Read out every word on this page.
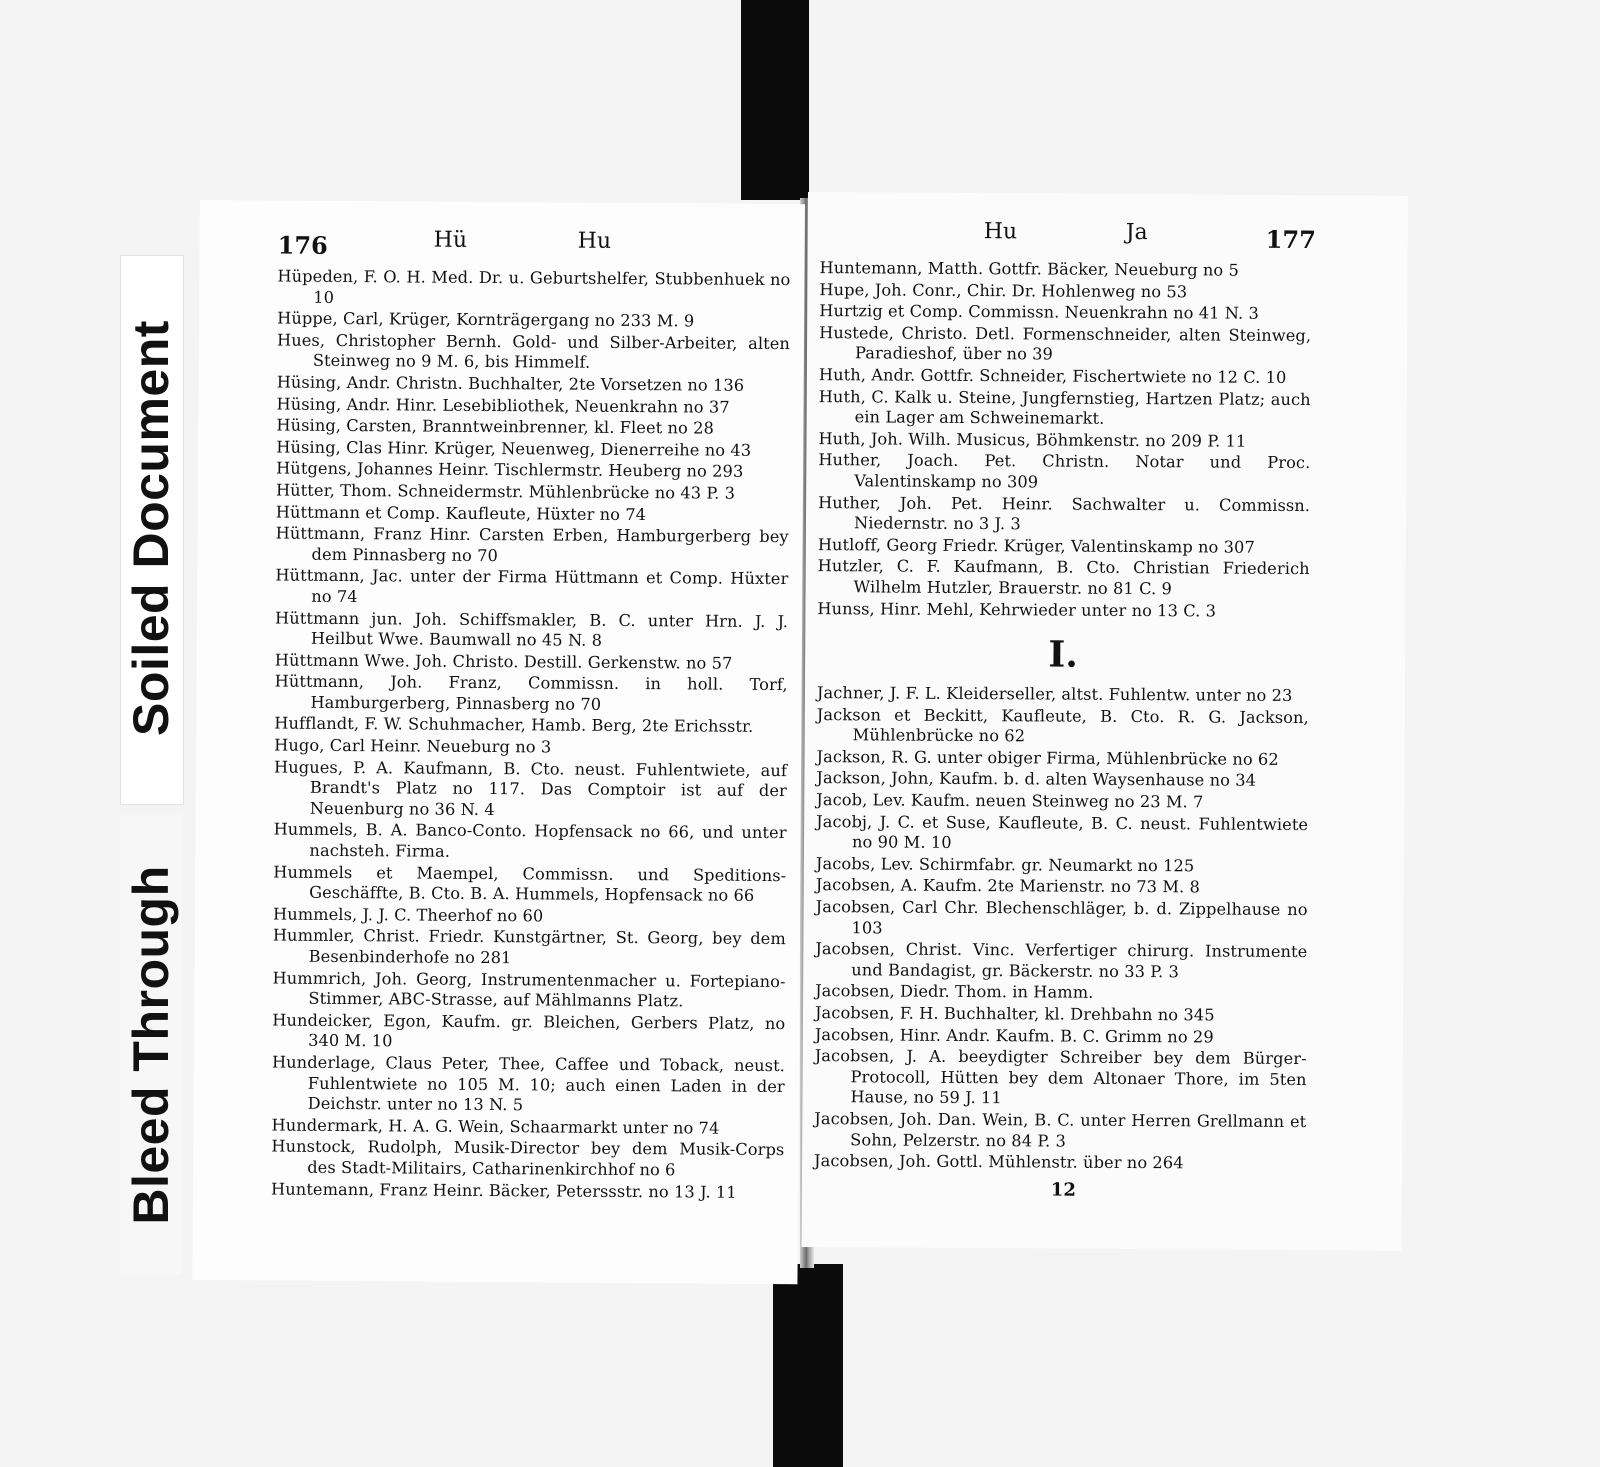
Soiled Document
Bleed Through
176	Hü	Hu
Hüpeden, F. O. H. Med. Dr. u. Geburtshelfer, Stubbenhuek no 10
Hüppe, Carl, Krüger, Kornträgergang no 233 M. 9
Hues, Christopher Bernh. Gold- und Silber-Arbeiter, alten Steinweg no 9 M. 6, bis Himmelf.
Hüsing, Andr. Christn. Buchhalter, 2te Vorsetzen no 136
Hüsing, Andr. Hinr. Lesebibliothek, Neuenkrahn no 37
Hüsing, Carsten, Branntweinbrenner, kl. Fleet no 28
Hüsing, Clas Hinr. Krüger, Neuenweg, Dienerreihe no 43
Hütgens, Johannes Heinr. Tischlermstr. Heuberg no 293
Hütter, Thom. Schneidermstr. Mühlenbrücke no 43 P. 3
Hüttmann et Comp. Kaufleute, Hüxter no 74
Hüttmann, Franz Hinr. Carsten Erben, Hamburgerberg bey dem Pinnasberg no 70
Hüttmann, Jac. unter der Firma Hüttmann et Comp. Hüxter no 74
Hüttmann jun. Joh. Schiffsmakler, B. C. unter Hrn. J. J. Heilbut Wwe. Baumwall no 45 N. 8
Hüttmann Wwe. Joh. Christo. Destill. Gerkenstw. no 57
Hüttmann, Joh. Franz, Commissn. in holl. Torf, Hamburgerberg, Pinnasberg no 70
Hufflandt, F. W. Schuhmacher, Hamb. Berg, 2te Erichsstr.
Hugo, Carl Heinr. Neueburg no 3
Hugues, P. A. Kaufmann, B. Cto. neust. Fuhlentwiete, auf Brandt's Platz no 117. Das Comptoir ist auf der Neuenburg no 36 N. 4
Hummels, B. A. Banco-Conto. Hopfensack no 66, und unter nachsteh. Firma.
Hummels et Maempel, Commissn. und Speditions-Geschäffte, B. Cto. B. A. Hummels, Hopfensack no 66
Hummels, J. J. C. Theerhof no 60
Hummler, Christ. Friedr. Kunstgärtner, St. Georg, bey dem Besenbinderhofe no 281
Hummrich, Joh. Georg, Instrumentenmacher u. Fortepiano-Stimmer, ABC-Strasse, auf Mählmanns Platz.
Hundeicker, Egon, Kaufm. gr. Bleichen, Gerbers Platz, no 340 M. 10
Hunderlage, Claus Peter, Thee, Caffee und Toback, neust. Fuhlentwiete no 105 M. 10; auch einen Laden in der Deichstr. unter no 13 N. 5
Hundermark, H. A. G. Wein, Schaarmarkt unter no 74
Hunstock, Rudolph, Musik-Director bey dem Musik-Corps des Stadt-Militairs, Catharinenkirchhof no 6
Huntemann, Franz Heinr. Bäcker, Peterssstr. no 13 J. 11
Hu	Ja	177
Huntemann, Matth. Gottfr. Bäcker, Neueburg no 5
Hupe, Joh. Conr., Chir. Dr. Hohlenweg no 53
Hurtzig et Comp. Commissn. Neuenkrahn no 41 N. 3
Hustede, Christo. Detl. Formenschneider, alten Steinweg, Paradieshof, über no 39
Huth, Andr. Gottfr. Schneider, Fischertwiete no 12 C. 10
Huth, C. Kalk u. Steine, Jungfernstieg, Hartzen Platz; auch ein Lager am Schweinemarkt.
Huth, Joh. Wilh. Musicus, Böhmkenstr. no 209 P. 11
Huther, Joach. Pet. Christn. Notar und Proc. Valentinskamp no 309
Huther, Joh. Pet. Heinr. Sachwalter u. Commissn. Niedernstr. no 3 J. 3
Hutloff, Georg Friedr. Krüger, Valentinskamp no 307
Hutzler, C. F. Kaufmann, B. Cto. Christian Friederich Wilhelm Hutzler, Brauerstr. no 81 C. 9
Hunss, Hinr. Mehl, Kehrwieder unter no 13 C. 3
I.
Jachner, J. F. L. Kleiderseller, altst. Fuhlentw. unter no 23
Jackson et Beckitt, Kaufleute, B. Cto. R. G. Jackson, Mühlenbrücke no 62
Jackson, R. G. unter obiger Firma, Mühlenbrücke no 62
Jackson, John, Kaufm. b. d. alten Waysenhause no 34
Jacob, Lev. Kaufm. neuen Steinweg no 23 M. 7
Jacobj, J. C. et Suse, Kaufleute, B. C. neust. Fuhlentwiete no 90 M. 10
Jacobs, Lev. Schirmfabr. gr. Neumarkt no 125
Jacobsen, A. Kaufm. 2te Marienstr. no 73 M. 8
Jacobsen, Carl Chr. Blechenschläger, b. d. Zippelhause no 103
Jacobsen, Christ. Vinc. Verfertiger chirurg. Instrumente und Bandagist, gr. Bäckerstr. no 33 P. 3
Jacobsen, Diedr. Thom. in Hamm.
Jacobsen, F. H. Buchhalter, kl. Drehbahn no 345
Jacobsen, Hinr. Andr. Kaufm. B. C. Grimm no 29
Jacobsen, J. A. beeydigter Schreiber bey dem Bürger-Protocoll, Hütten bey dem Altonaer Thore, im 5ten Hause, no 59 J. 11
Jacobsen, Joh. Dan. Wein, B. C. unter Herren Grellmann et Sohn, Pelzerstr. no 84 P. 3
Jacobsen, Joh. Gottl. Mühlenstr. über no 264
12
